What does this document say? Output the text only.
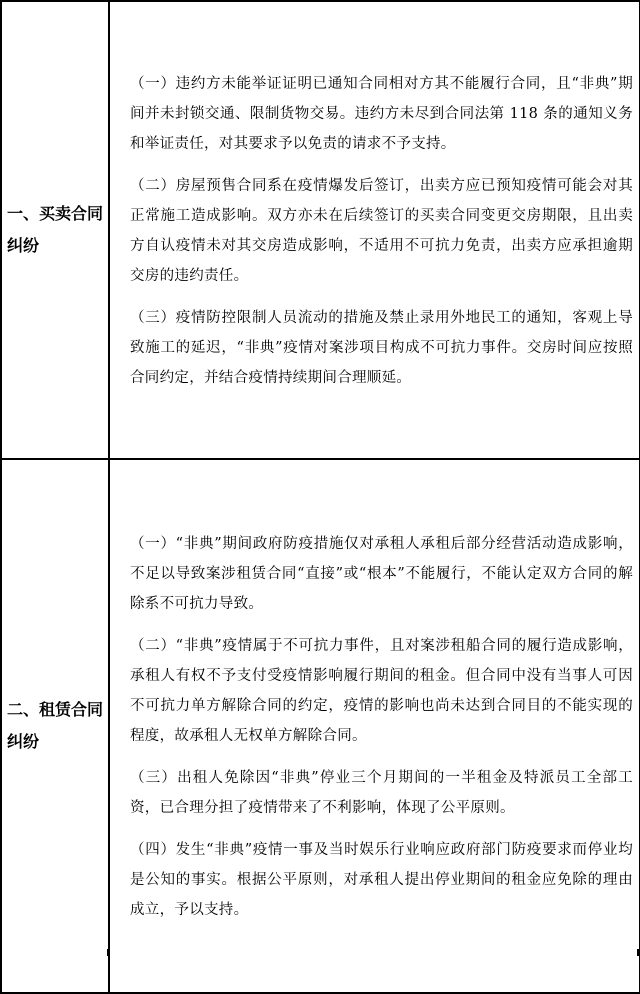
一、买卖合同纠纷	（一）违约方未能举证证明已通知合同相对方其不能履行合同，且“非典”期间并未封锁交通、限制货物交易。违约方未尽到合同法第 118 条的通知义务和举证责任，对其要求予以免责的请求不予支持。

（二）房屋预售合同系在疫情爆发后签订，出卖方应已预知疫情可能会对其正常施工造成影响。双方亦未在后续签订的买卖合同变更交房期限，且出卖方自认疫情未对其交房造成影响，不适用不可抗力免责，出卖方应承担逾期交房的违约责任。

（三）疫情防控限制人员流动的措施及禁止录用外地民工的通知，客观上导致施工的延迟，“非典”疫情对案涉项目构成不可抗力事件。交房时间应按照合同约定，并结合疫情持续期间合理顺延。

二、租赁合同纠纷	（一）“非典”期间政府防疫措施仅对承租人承租后部分经营活动造成影响，不足以导致案涉租赁合同“直接”或“根本”不能履行，不能认定双方合同的解除系不可抗力导致。

（二）“非典”疫情属于不可抗力事件，且对案涉租船合同的履行造成影响，承租人有权不予支付受疫情影响履行期间的租金。但合同中没有当事人可因不可抗力单方解除合同的约定，疫情的影响也尚未达到合同目的不能实现的程度，故承租人无权单方解除合同。

（三）出租人免除因“非典”停业三个月期间的一半租金及特派员工全部工资，已合理分担了疫情带来了不利影响，体现了公平原则。

（四）发生“非典”疫情一事及当时娱乐行业响应政府部门防疫要求而停业均是公知的事实。根据公平原则，对承租人提出停业期间的租金应免除的理由成立，予以支持。
